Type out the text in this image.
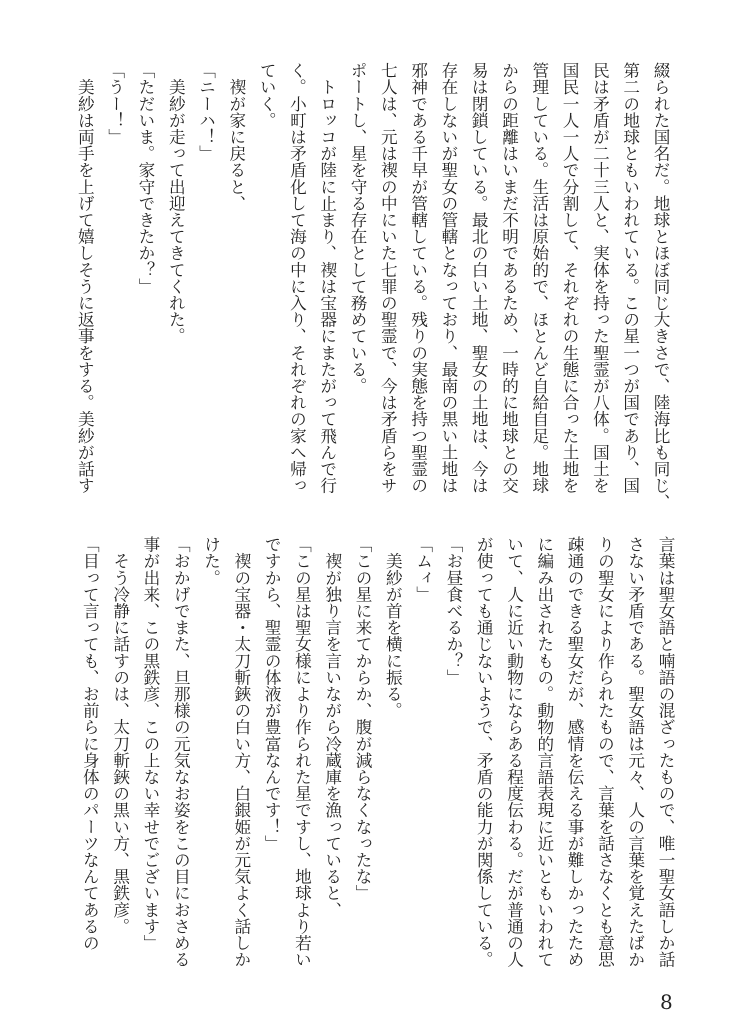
綴られた国名だ。地球とほぼ同じ大きさで、陸海比も同じ、
第二の地球ともいわれている。この星一つが国であり、国
民は矛盾が二十三人と、実体を持った聖霊が八体。国土を
国民一人一人で分割して、それぞれの生態に合った土地を
管理している。生活は原始的で、ほとんど自給自足。地球
からの距離はいまだ不明であるため、一時的に地球との交
易は閉鎖している。最北の白い土地、聖女の土地は、今は
存在しないが聖女の管轄となっており、最南の黒い土地は
邪神である千早が管轄している。残りの実態を持つ聖霊の
七人は、元は禊の中にいた七罪の聖霊で、今は矛盾らをサ
ポートし、星を守る存在として務めている。
　トロッコが陸に止まり、禊は宝器にまたがって飛んで行
く。小町は矛盾化して海の中に入り、それぞれの家へ帰っ
ていく。
　禊が家に戻ると、
「ニーハ！」
　美紗が走って出迎えてきてくれた。
「ただいま。家守できたか？」
「うー！」
　美紗は両手を上げて嬉しそうに返事をする。美紗が話す
言葉は聖女語と喃語の混ざったもので、唯一聖女語しか話
さない矛盾である。聖女語は元々、人の言葉を覚えたばか
りの聖女により作られたもので、言葉を話さなくとも意思
疎通のできる聖女だが、感情を伝える事が難しかったため
に編み出されたもの。動物的言語表現に近いともいわれて
いて、人に近い動物にならある程度伝わる。だが普通の人
が使っても通じないようで、矛盾の能力が関係している。
「お昼食べるか？」
「ムィ」
　美紗が首を横に振る。
「この星に来てからか、腹が減らなくなったな」
　禊が独り言を言いながら冷蔵庫を漁っていると、
「この星は聖女様により作られた星ですし、地球より若い
ですから、聖霊の体液が豊富なんです！」
　禊の宝器・太刀斬鋏の白い方、白銀姫が元気よく話しか
けた。
「おかげでまた、旦那様の元気なお姿をこの目におさめる
事が出来、この黒鉄彦、この上ない幸せでございます」
　そう冷静に話すのは、太刀斬鋏の黒い方、黒鉄彦。
「目って言っても、お前らに身体のパーツなんてあるの
8
